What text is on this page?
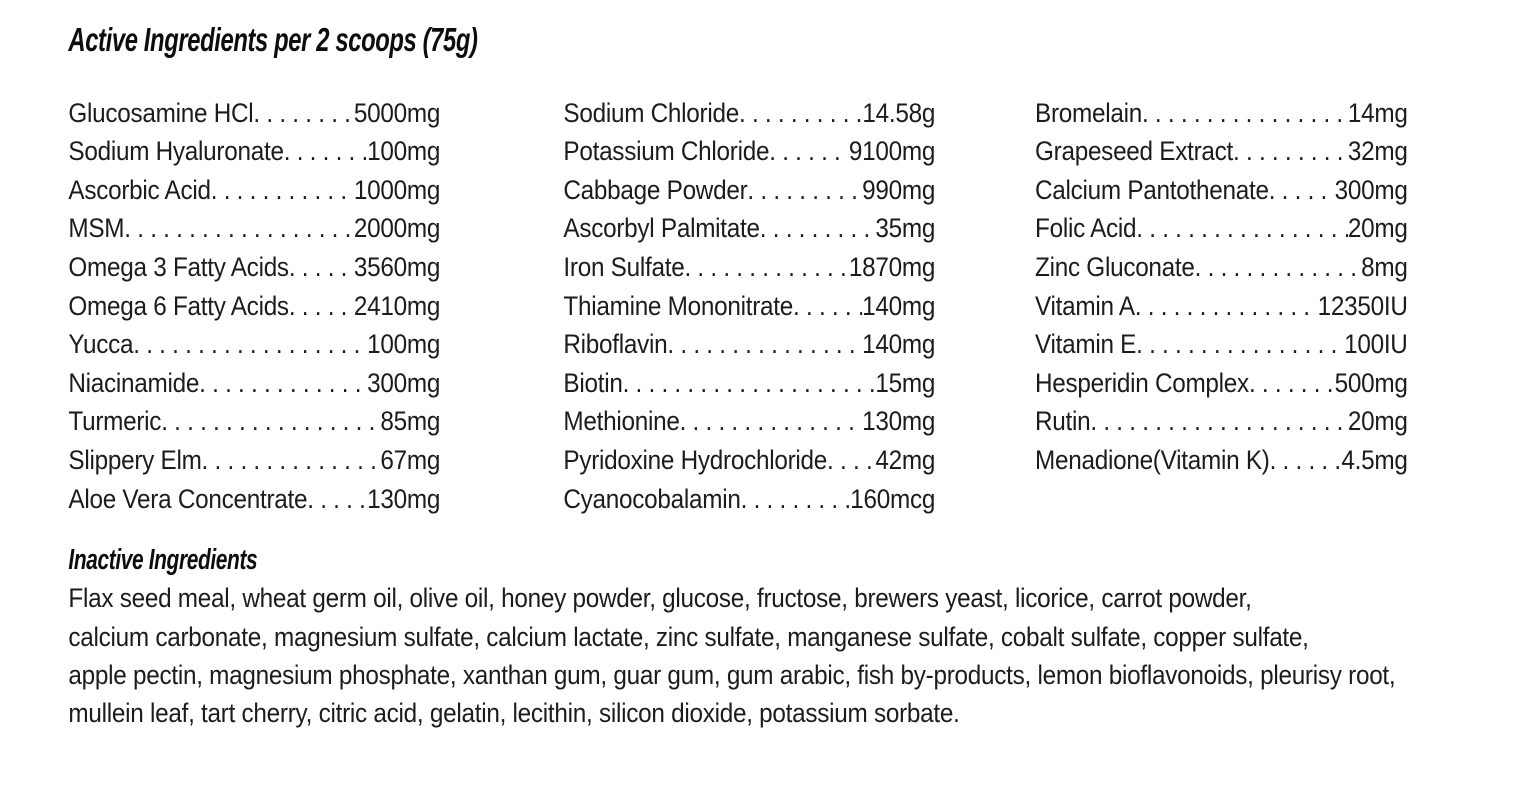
Active Ingredients per 2 scoops (75g)
Glucosamine HCl . . .	5000mg
Sodium Hyaluronate . . .	100mg
Ascorbic Acid . . .	1000mg
MSM . . .	2000mg
Omega 3 Fatty Acids . . . 3560mg
Omega 6 Fatty Acids . . . 2410mg
Yucca . . .	100mg
Niacinamide . . .	300mg
Turmeric . . .	85mg
Slippery Elm . . .	67mg
Aloe Vera Concentrate . . . 130mg
Sodium Chloride . . .	14.58g
Potassium Chloride . . .	9100mg
Cabbage Powder . . .	990mg
Ascorbyl Palmitate . . .	35mg
Iron Sulfate . . .	1870mg
Thiamine Mononitrate . . .	140mg
Riboflavin . . .	140mg
Biotin . . .	15mg
Methionine . . .	130mg
Pyridoxine Hydrochloride . . . 42mg
Cyanocobalamin . . .	160mcg
Bromelain . . .	14mg
Grapeseed Extract . . .	32mg
Calcium Pantothenate . . . 300mg
Folic Acid . . .	20mg
Zinc Gluconate . . .	8mg
Vitamin A . . .	12350IU
Vitamin E . . .	100IU
Hesperidin Complex . . .	500mg
Rutin . . .	20mg
Menadione(Vitamin K) . . .	4.5mg
Inactive Ingredients
Flax seed meal, wheat germ oil, olive oil, honey powder, glucose, fructose, brewers yeast, licorice, carrot powder,
calcium carbonate, magnesium sulfate, calcium lactate, zinc sulfate, manganese sulfate, cobalt sulfate, copper sulfate,
apple pectin, magnesium phosphate, xanthan gum, guar gum, gum arabic, fish by-products, lemon bioflavonoids, pleurisy root,
mullein leaf, tart cherry, citric acid, gelatin, lecithin, silicon dioxide, potassium sorbate.
